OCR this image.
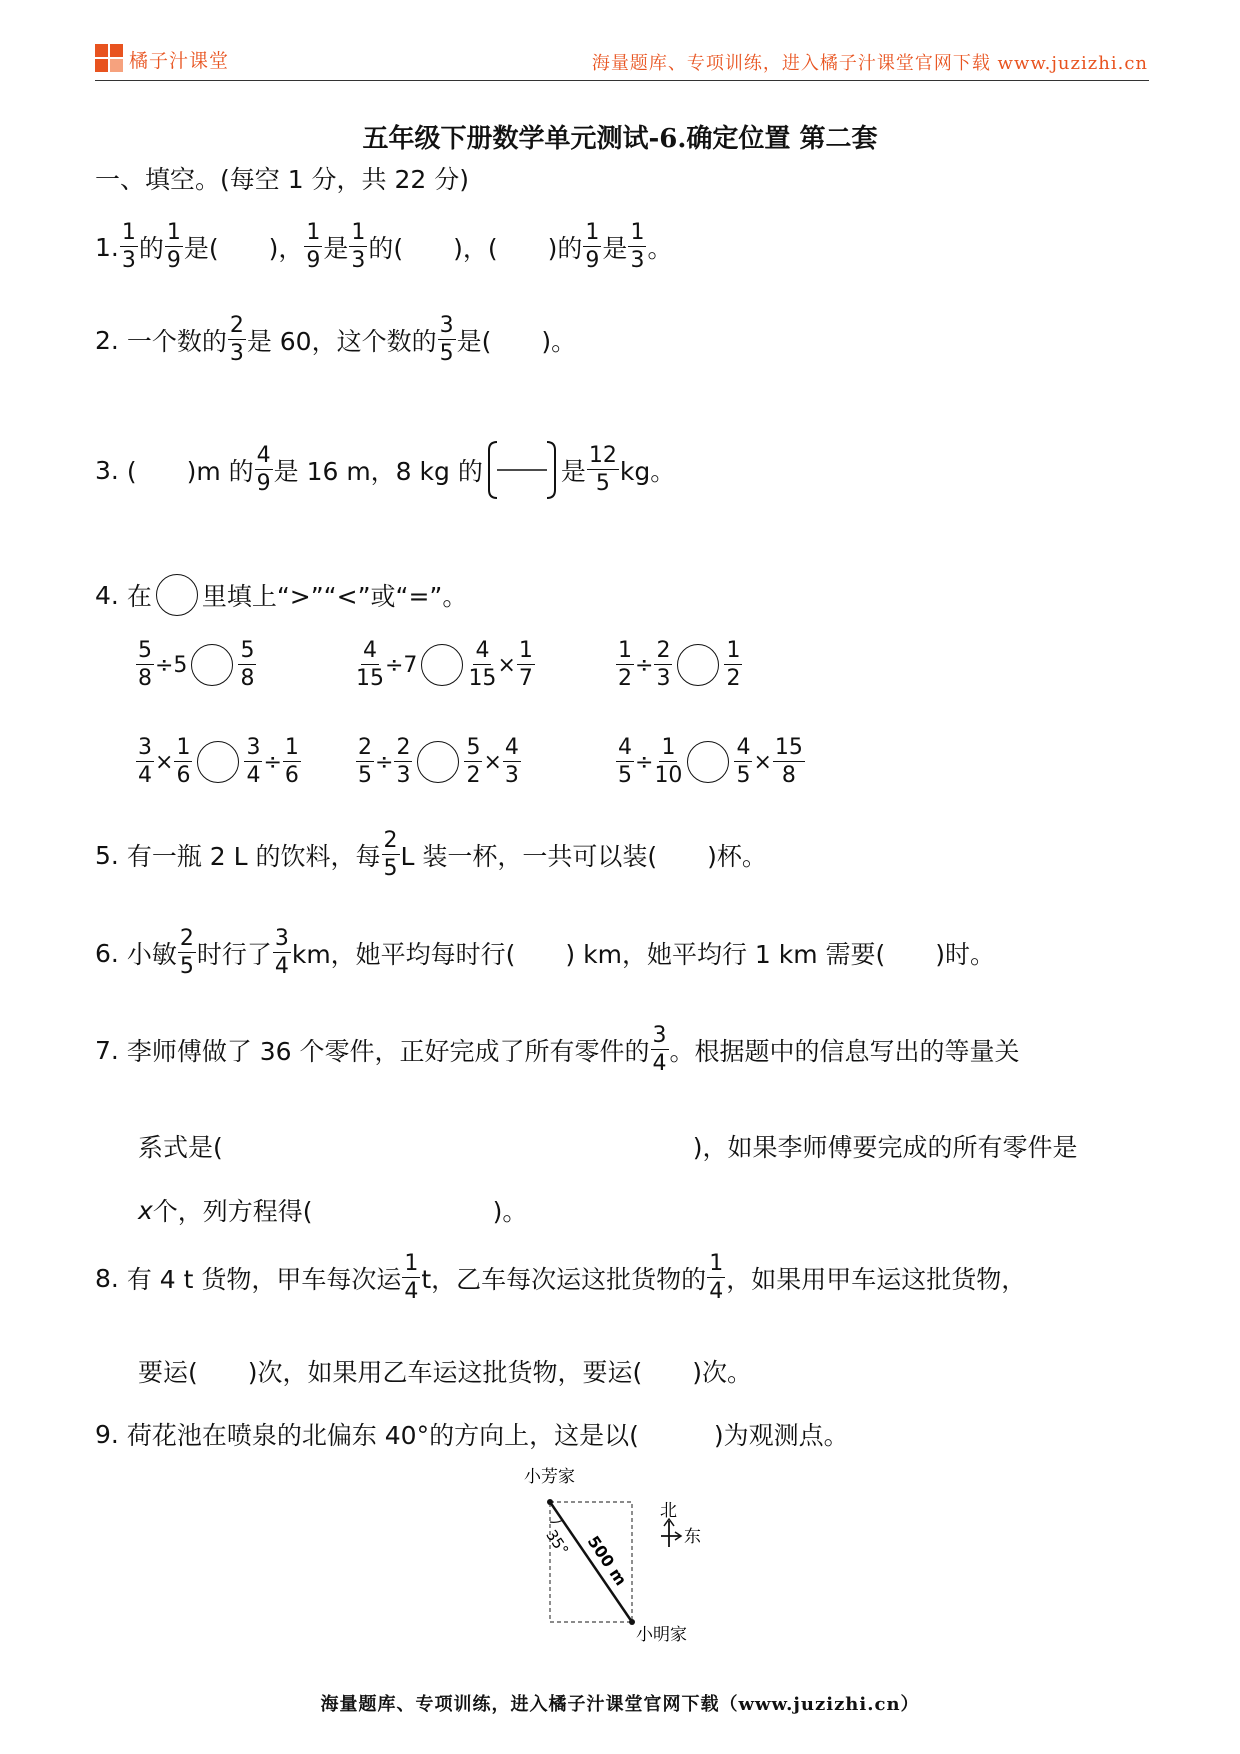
橘子汁课堂	海量题库、专项训练，进入橘子汁课堂官网下载 www.juzizhi.cn
五年级下册数学单元测试-6.确定位置 第二套
一、填空。(每空 1 分，共 22 分)
1. $\frac{1}{3}$ 的 $\frac{1}{9}$ 是(　　)， $\frac{1}{9}$ 是 $\frac{1}{3}$ 的(　　)，(　　)的 $\frac{1}{9}$ 是 $\frac{1}{3}$ 。
2.
一个数的 $\frac{2}{3}$ 是 60，这个数的 $\frac{3}{5}$ 是(　　)。
3.
(　　)m 的 $\frac{4}{9}$ 是 16 m，8 kg 的	是 $\frac{12}{5}$ kg。
4.
在 里填上“>”“<”或“=”。
$\frac{5}{8} \div 5 \frac{5}{8}$	$\frac{4}{15} \div 7 \frac{4}{15} \times \frac{1}{7}$	$\frac{1}{2} \div \frac{2}{3} \frac{1}{2}$
$\frac{3}{4} \times \frac{1}{6} \frac{3}{4} \div \frac{1}{6}$	$\frac{2}{5} \div \frac{2}{3} \frac{5}{2} \times \frac{4}{3}$	$\frac{4}{5} \div \frac{1}{10} \frac{4}{5} \times \frac{15}{8}$
5.
有一瓶 2 L 的饮料，每 $\frac{2}{5}$ L 装一杯，一共可以装(　　)杯。
6.
小敏 $\frac{2}{5}$ 时行了 $\frac{3}{4}$ km，她平均每时行(　　) km，她平均行 1 km 需要(　　)时。
7.
李师傅做了 36 个零件，正好完成了所有零件的 $\frac{3}{4}$ 。根据题中的信息写出的等量关
系式是(	)，如果李师傅要完成的所有零件是
x 个，列方程得(	)。
8.
有 4 t 货物，甲车每次运 $\frac{1}{4}$ t，乙车每次运这批货物的 $\frac{1}{4}$ ，如果用甲车运这批货物，
要运(　　)次，如果用乙车运这批货物，要运(　　)次。
9.
荷花池在喷泉的北偏东 40°的方向上，这是以(　　　)为观测点。
小芳家
35° 500 m
北
东
小明家
海量题库、专项训练，进入橘子汁课堂官网下载（www.juzizhi.cn）
